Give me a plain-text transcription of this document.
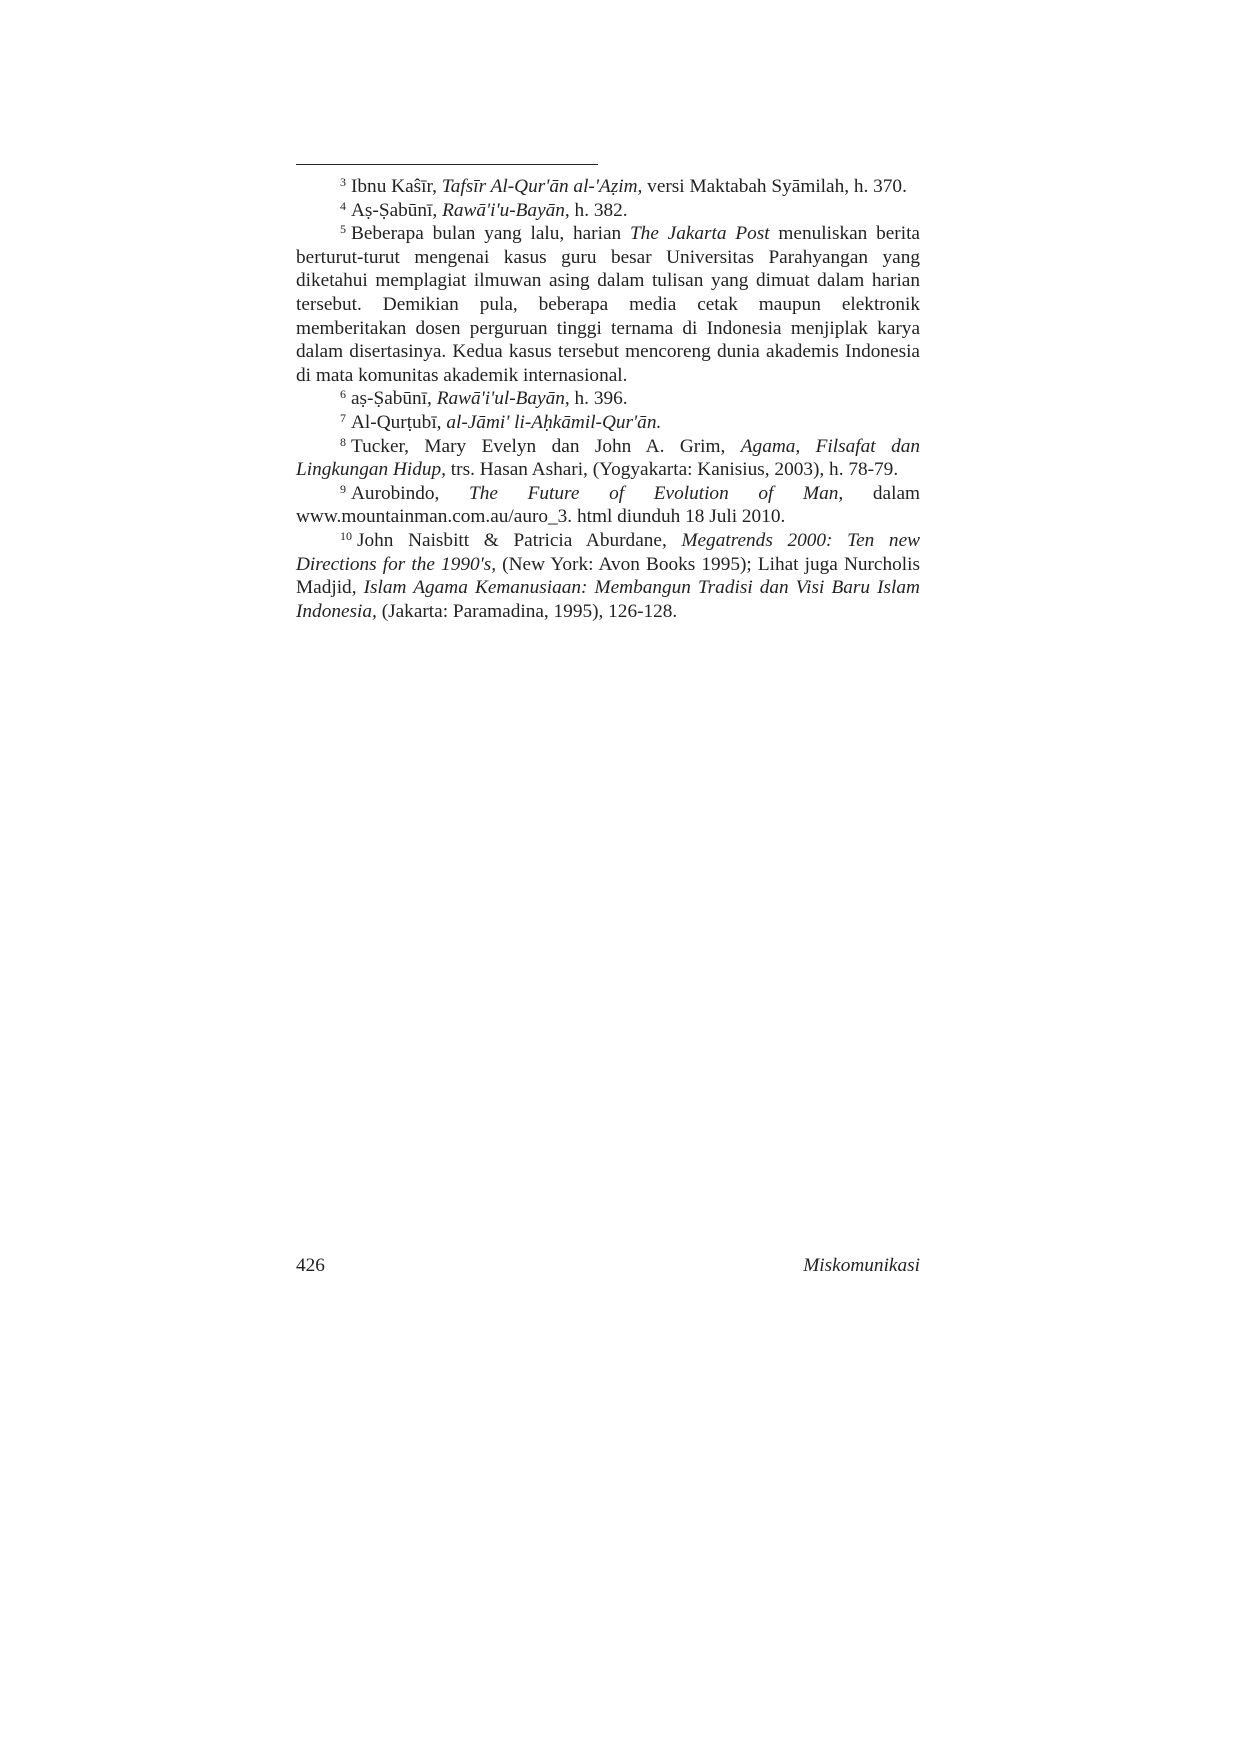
$^3$ Ibnu Kaŝīr, Tafsīr Al-Qur'ān al-'Aẓim, versi Maktabah Syāmilah, h. 370.

$^4$ Aṣ-Ṣabūnī, Rawā'i'u-Bayān, h. 382.

$^5$ Beberapa bulan yang lalu, harian The Jakarta Post menuliskan berita berturut-turut mengenai kasus guru besar Universitas Parahyangan yang diketahui memplagiat ilmuwan asing dalam tulisan yang dimuat dalam harian tersebut. Demikian pula, beberapa media cetak maupun elektronik memberitakan dosen perguruan tinggi ternama di Indonesia menjiplak karya dalam disertasinya. Kedua kasus tersebut mencoreng dunia akademis Indonesia di mata komunitas akademik internasional.

$^6$ aṣ-Ṣabūnī, Rawā'i'ul-Bayān, h. 396.

$^7$ Al-Qurṭubī, al-Jāmi' li-Aḥkāmil-Qur'ān.

$^8$ Tucker, Mary Evelyn dan John A. Grim, Agama, Filsafat dan Lingkungan Hidup, trs. Hasan Ashari, (Yogyakarta: Kanisius, 2003), h. 78-79.

$^9$ Aurobindo, The Future of Evolution of Man, dalam www.mountainman.com.au/auro_3. html diunduh 18 Juli 2010.

$^{10}$ John Naisbitt & Patricia Aburdane, Megatrends 2000: Ten new Directions for the 1990's, (New York: Avon Books 1995); Lihat juga Nurcholis Madjid, Islam Agama Kemanusiaan: Membangun Tradisi dan Visi Baru Islam Indonesia, (Jakarta: Paramadina, 1995), 126-128.

426	Miskomunikasi
